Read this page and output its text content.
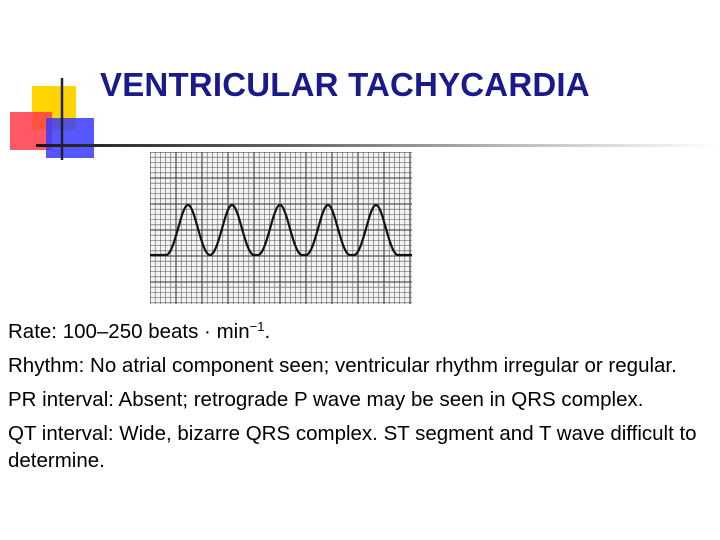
VENTRICULAR TACHYCARDIA
Rate: 100–250 beats · $\min^{-1}$.
Rhythm: No atrial component seen; ventricular rhythm irregular or regular.
PR interval: Absent; retrograde P wave may be seen in QRS complex.
QT interval: Wide, bizarre QRS complex. ST segment and T wave difficult to determine.
